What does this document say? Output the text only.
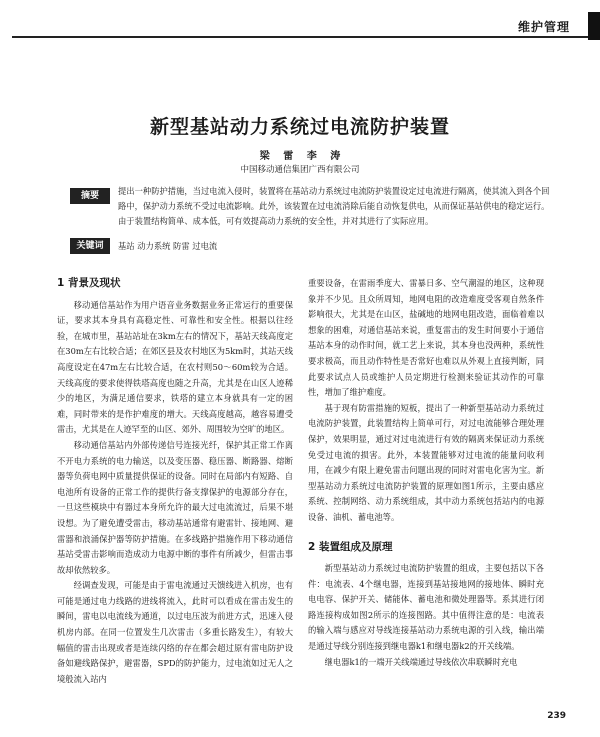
维护管理
新型基站动力系统过电流防护装置
梁 雷 李 涛
中国移动通信集团广西有限公司
摘要	提出一种防护措施，当过电流入侵时，装置将在基站动力系统过电流防护装置设定过电流进行隔离，使其流入到各个回路中，保护动力系统不受过电流影响。此外，该装置在过电流消除后能自动恢复供电，从而保证基站供电的稳定运行。由于装置结构简单、成本低，可有效提高动力系统的安全性，并对其进行了实际应用。
关键词	基站 动力系统 防雷 过电流
1 背景及现状

移动通信基站作为用户语音业务数据业务正常运行的重要保证，要求其本身具有高稳定性、可靠性和安全性。根据以往经验，在城市里，基站站址在3km左右的情况下，基站天线高度定在30m左右比较合适；在郊区县及农村地区为5km时，其站天线高度设定在47m左右比较合适，在农村则50～60m较为合适。天线高度的要求使得铁塔高度也随之升高，尤其是在山区人迹稀少的地区，为满足通信要求，铁塔的建立本身就具有一定的困难，同时带来的是作护难度的增大。天线高度越高，越容易遭受雷击，尤其是在人迹罕至的山区、郊外、周围较为空旷的地区。

移动通信基站内外部传递信号连接光纤，保护其正常工作离不开电力系统的电力输送，以及变压器、稳压器、断路器、熔断器等负荷电网中质量提供保证的设备。同时在局部内有短路、自电池所有设备的正常工作的提供行备支撑保护的电源部分存在，一旦这些模块中有器过本身所允许的最大过电流流过，后果不堪设想。为了避免遭受雷击，移动基站通常有避雷针、接地网、避雷器和浪涌保护器等防护措施。在多线路护措施作用下移动通信基站受雷击影响而造成动力电源中断的事件有所减少，但雷击事故却依然较多。

经调查发现，可能是由于雷电流通过天馈线进入机房，也有可能是通过电力线路的进线将流入，此时可以看成在雷击发生的瞬间，雷电以电流线为通道，以过电压波为前进方式，迅速入侵机房内部。在同一位置发生几次雷击（多重长路发生），有较大幅值的雷击出现或者是连续闪络的存在都会超过原有雷电防护设备如避线路保护，避雷器，SPD的防护能力，过电流如过无人之境般流入站内

重要设备，在雷雨季度大、雷暴日多、空气潮湿的地区，这种现象并不少见。且众所周知，地网电阻的改造难度受客观自然条件影响很大，尤其是在山区，盐碱地的地网电阻改造，面临着难以想象的困难，对通信基站来说，重复雷击的发生时间要小于通信基站本身的动作时间，就工艺上来说，其本身也没两种，系统性要求极高，而且动作特性是否常好也难以从外观上直接判断，同此要求试点人员或维护人员定期进行检测来验证其动作的可靠性，增加了维护难度。

基于现有防雷措施的短板，提出了一种新型基站动力系统过电流防护装置，此装置结构上简单可行，对过电流能够合理处理保护，效果明显，通过对过电流进行有效的隔离来保证动力系统免受过电流的损害。此外，本装置能够对过电流的能量问收利用，在减少有限上避免雷击问题出现的同时对雷电化害为宝。新型基站动力系统过电流防护装置的原理如图1所示，主要由感应系统、控制网络、动力系统组成，其中动力系统包括站内的电源设备、油机、蓄电池等。

2 装置组成及原理

新型基站动力系统过电流防护装置的组成，主要包括以下各件：电流表、4个继电器，连接到基站接地网的接地体、瞬时充电电容、保护开关、储能体、蓄电池和微处理器等。系其进行闭路连接构成如图2所示的连接图路。其中值得注意的是：电流表的输入端与感应对导线连接基站动力系统电源的引入线，输出端是通过导线分别连接到继电器k1和继电器k2的开关线端。

继电器k1的一端开关线端通过导线依次串联瞬时充电

239
